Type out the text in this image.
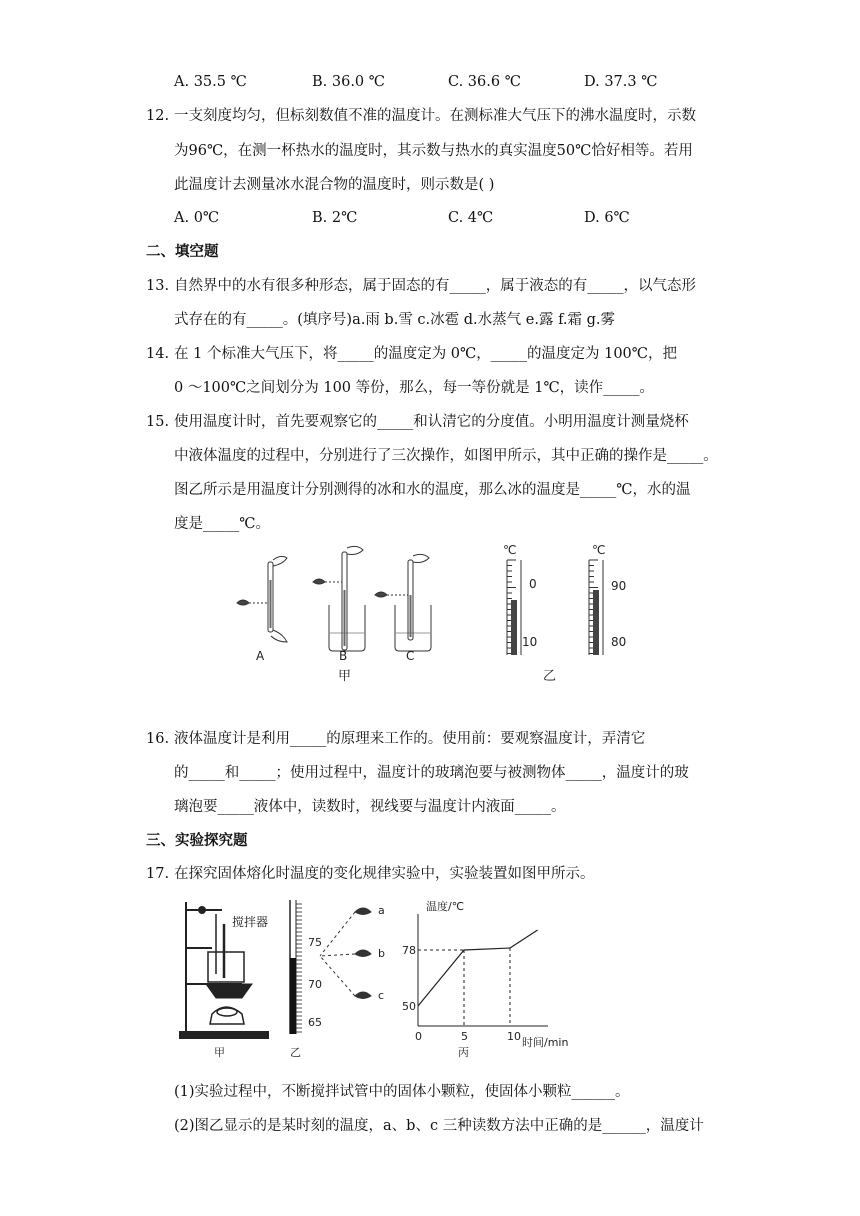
A. 35.5 ℃	B. 36.0 ℃	C. 36.6 ℃	D. 37.3 ℃
12. 一支刻度均匀，但标刻数值不准的温度计。在测标准大气压下的沸水温度时，示数
为96℃，在测一杯热水的温度时，其示数与热水的真实温度50℃恰好相等。若用
此温度计去测量冰水混合物的温度时，则示数是( )
A. 0℃	B. 2℃	C. 4℃	D. 6℃
二、填空题
13. 自然界中的水有很多种形态，属于固态的有_____，属于液态的有_____，以气态形
式存在的有_____。(填序号)a.雨 b.雪 c.冰雹 d.水蒸气 e.露 f.霜 g.雾
14. 在 1 个标准大气压下，将_____的温度定为 0℃，_____的温度定为 100℃，把
0 ～100℃之间划分为 100 等份，那么，每一等份就是 1℃，读作_____。
15. 使用温度计时，首先要观察它的_____和认清它的分度值。小明用温度计测量烧杯
中液体温度的过程中，分别进行了三次操作，如图甲所示，其中正确的操作是_____。
图乙所示是用温度计分别测得的冰和水的温度，那么冰的温度是_____℃，水的温
度是_____℃。
A	B	C
甲
℃
0
10
℃
90
80
乙
16. 液体温度计是利用_____的原理来工作的。使用前：要观察温度计，弄清它
的_____和_____；使用过程中，温度计的玻璃泡要与被测物体_____，温度计的玻
璃泡要_____液体中，读数时，视线要与温度计内液面_____。
三、实验探究题
17. 在探究固体熔化时温度的变化规律实验中，实验装置如图甲所示。
搅拌器
甲
75
70
65
乙
a
b
c
温度/℃
时间/min
0	5	10
50
78
丙
(1)实验过程中，不断搅拌试管中的固体小颗粒，使固体小颗粒______。
(2)图乙显示的是某时刻的温度，a、b、c 三种读数方法中正确的是______，温度计
